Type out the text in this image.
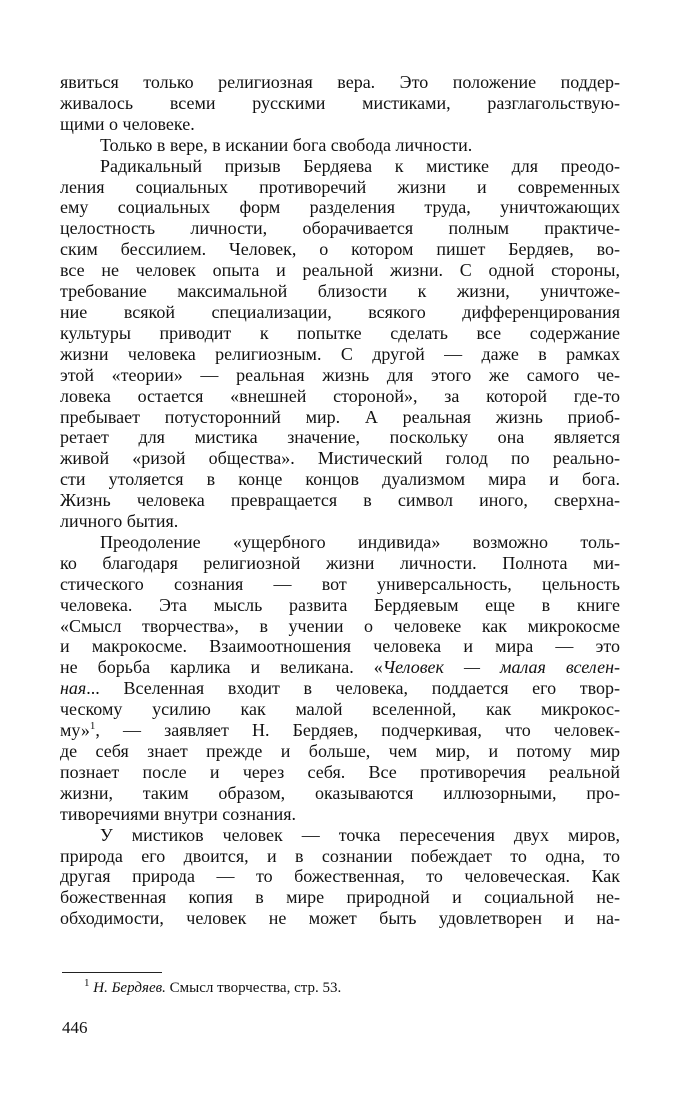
явиться только религиозная вера. Это положение поддер-
живалось всеми русскими мистиками, разглагольствую-
щими о человеке.
Только в вере, в искании бога свобода личности.
Радикальный призыв Бердяева к мистике для преодо-
ления социальных противоречий жизни и современных
ему социальных форм разделения труда, уничтожающих
целостность личности, оборачивается полным практиче-
ским бессилием. Человек, о котором пишет Бердяев, во-
все не человек опыта и реальной жизни. С одной стороны,
требование максимальной близости к жизни, уничтоже-
ние всякой специализации, всякого дифференцирования
культуры приводит к попытке сделать все содержание
жизни человека религиозным. С другой — даже в рамках
этой «теории» — реальная жизнь для этого же самого че-
ловека остается «внешней стороной», за которой где-то
пребывает потусторонний мир. А реальная жизнь приоб-
ретает для мистика значение, поскольку она является
живой «ризой общества». Мистический голод по реально-
сти утоляется в конце концов дуализмом мира и бога.
Жизнь человека превращается в символ иного, сверхна-
личного бытия.
Преодоление «ущербного индивида» возможно толь-
ко благодаря религиозной жизни личности. Полнота ми-
стического сознания — вот универсальность, цельность
человека. Эта мысль развита Бердяевым еще в книге
«Смысл творчества», в учении о человеке как микрокосме
и макрокосме. Взаимоотношения человека и мира — это
не борьба карлика и великана. «Человек — малая вселен-
ная... Вселенная входит в человека, поддается его твор-
ческому усилию как малой вселенной, как микрокос-
му»$^1$, — заявляет Н. Бердяев, подчеркивая, что человек-
де себя знает прежде и больше, чем мир, и потому мир
познает после и через себя. Все противоречия реальной
жизни, таким образом, оказываются иллюзорными, про-
тиворечиями внутри сознания.
У мистиков человек — точка пересечения двух миров,
природа его двоится, и в сознании побеждает то одна, то
другая природа — то божественная, то человеческая. Как
божественная копия в мире природной и социальной не-
обходимости, человек не может быть удовлетворен и на-
$^1$ Н. Бердяев. Смысл творчества, стр. 53.
446
